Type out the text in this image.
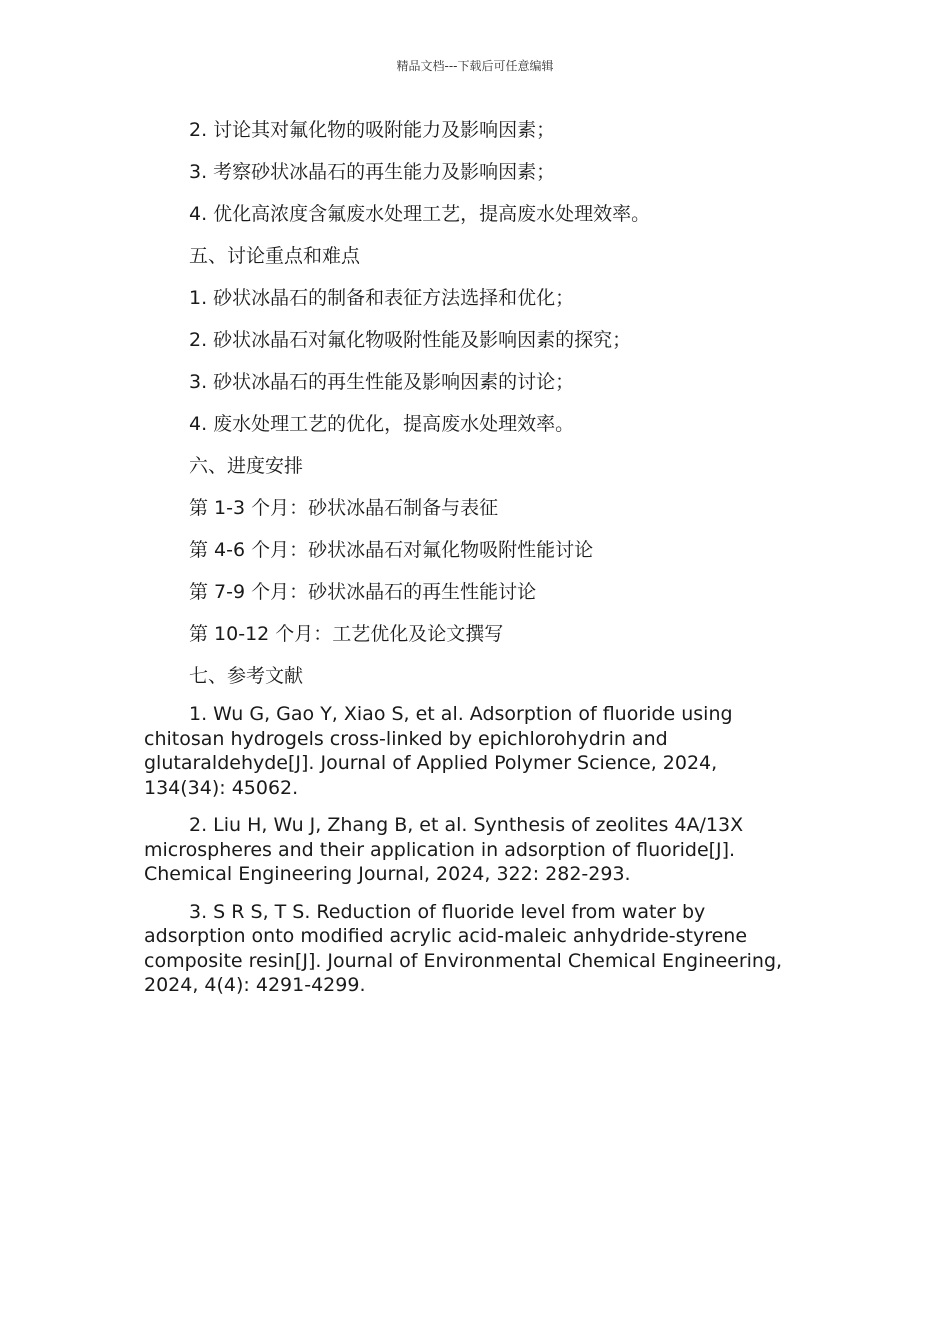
精品文档---下载后可任意编辑
2. 讨论其对氟化物的吸附能力及影响因素；
3. 考察砂状冰晶石的再生能力及影响因素；
4. 优化高浓度含氟废水处理工艺，提高废水处理效率。
五、讨论重点和难点
1. 砂状冰晶石的制备和表征方法选择和优化；
2. 砂状冰晶石对氟化物吸附性能及影响因素的探究；
3. 砂状冰晶石的再生性能及影响因素的讨论；
4. 废水处理工艺的优化，提高废水处理效率。
六、进度安排
第 1-3 个月：砂状冰晶石制备与表征
第 4-6 个月：砂状冰晶石对氟化物吸附性能讨论
第 7-9 个月：砂状冰晶石的再生性能讨论
第 10-12 个月：工艺优化及论文撰写
七、参考文献

1. Wu G, Gao Y, Xiao S, et al. Adsorption of fluoride using chitosan hydrogels cross-linked by epichlorohydrin and glutaraldehyde[J]. Journal of Applied Polymer Science, 2024, 134(34): 45062.

2. Liu H, Wu J, Zhang B, et al. Synthesis of zeolites 4A/13X microspheres and their application in adsorption of fluoride[J]. Chemical Engineering Journal, 2024, 322: 282-293.

3. S R S, T S. Reduction of fluoride level from water by adsorption onto modified acrylic acid-maleic anhydride-styrene composite resin[J]. Journal of Environmental Chemical Engineering, 2024, 4(4): 4291-4299.
